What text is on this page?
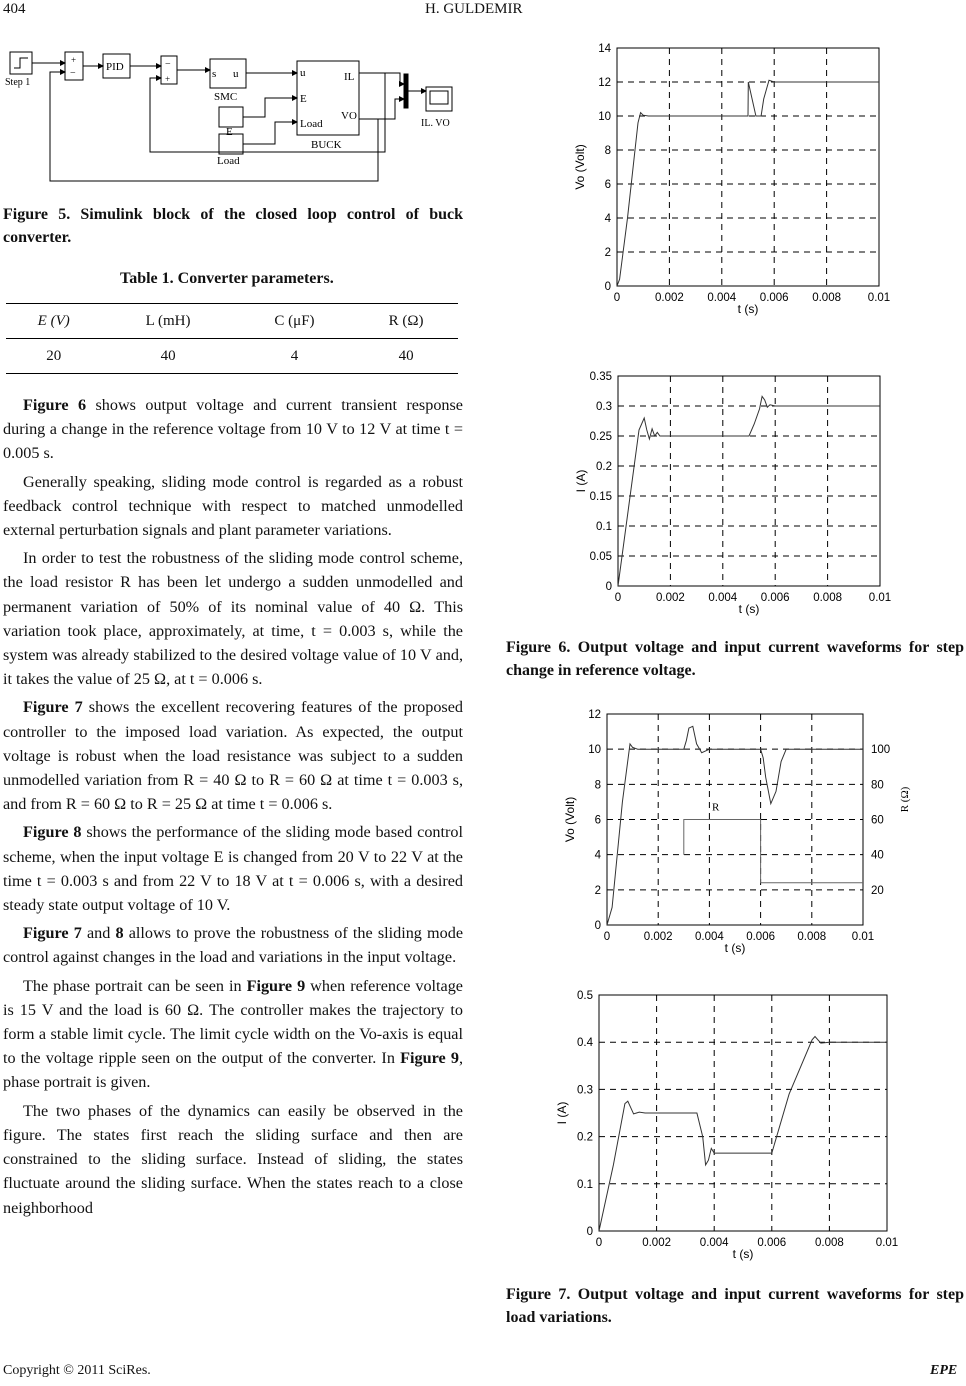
404	H. GULDEMIR
Step 1
+
−
PID	−
+	s u
SMC
E
Load
u
E
Load
IL
VO
BUCK
IL. VO
Figure 5. Simulink block of the closed loop control of buck converter.
Table 1. Converter parameters.
E (V)	L (mH)	C (μF)	R (Ω)
20	40	4	40

Figure 6 shows output voltage and current transient response during a change in the reference voltage from 10 V to 12 V at time t = 0.005 s.

Generally speaking, sliding mode control is regarded as a robust feedback control technique with respect to matched unmodelled external perturbation signals and plant parameter variations.

In order to test the robustness of the sliding mode control scheme, the load resistor R has been let undergo a sudden unmodelled and permanent variation of 50% of its nominal value of 40 Ω. This variation took place, approximately, at time, t = 0.003 s, while the system was already stabilized to the desired voltage value of 10 V and, it takes the value of 25 Ω, at t = 0.006 s.

Figure 7 shows the excellent recovering features of the proposed controller to the imposed load variation. As expected, the output voltage is robust when the load resistance was subject to a sudden unmodelled variation from R = 40 Ω to R = 60 Ω at time t = 0.003 s, and from R = 60 Ω to R = 25 Ω at time t = 0.006 s.

Figure 8 shows the performance of the sliding mode based control scheme, when the input voltage E is changed from 20 V to 22 V at the time t = 0.003 s and from 22 V to 18 V at t = 0.006 s, with a desired steady state output voltage of 10 V.

Figure 7 and 8 allows to prove the robustness of the sliding mode control against changes in the load and variations in the input voltage.

The phase portrait can be seen in Figure 9 when reference voltage is 15 V and the load is 60 Ω. The controller makes the trajectory to form a stable limit cycle. The limit cycle width on the Vo-axis is equal to the voltage ripple seen on the output of the converter. In Figure 9, phase portrait is given.

The two phases of the dynamics can easily be observed in the figure. The states first reach the sliding surface and then are constrained to the sliding surface. Instead of sliding, the states fluctuate around the sliding surface. When the states reach to a close neighborhood

0	0.002 0.004 0.006 0.008 0.01
0
2
4
6
8
10
12
14
t (s)
Vo (Volt)
0	0.002 0.004 0.006 0.008 0.01
0
0.05
0.1
0.15
0.2
0.25
0.3
0.35
t (s)
I (A)
Figure 6. Output voltage and input current waveforms for step change in reference voltage.
0	0.002 0.004 0.006 0.008 0.01
0
2
4
6
8
10
12
t (s)
Vo (Volt)
20
40
60
80
100
R (Ω)
R
0	0.002	0.004	0.006	0.008	0.01
0
0.1
0.2
0.3
0.4
0.5
t (s)
I (A)
Figure 7. Output voltage and input current waveforms for step load variations.
Copyright © 2011 SciRes.	EPE
